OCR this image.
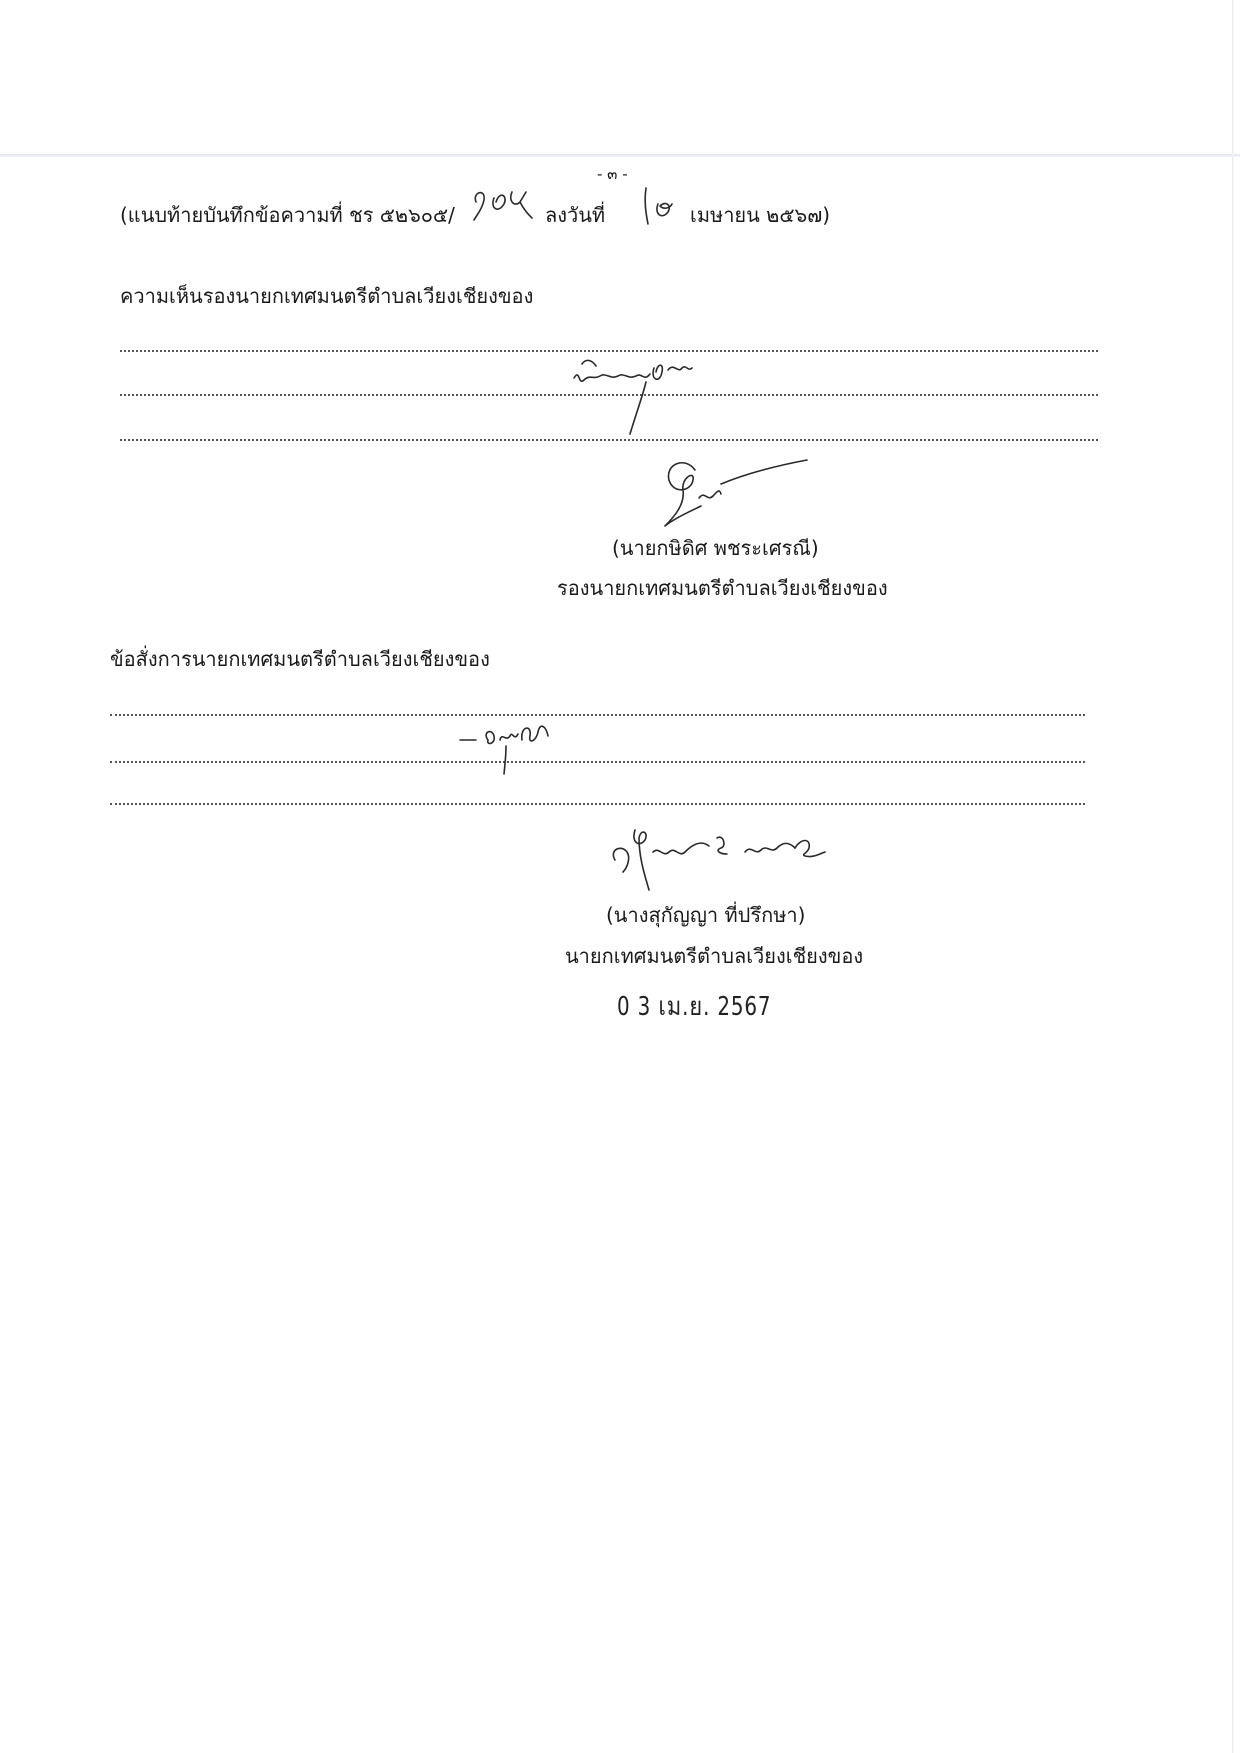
- ๓ -
(แนบท้ายบันทึกข้อความที่ ชร ๕๒๖๐๕/	ลงวันที่	เมษายน ๒๕๖๗)
ความเห็นรองนายกเทศมนตรีตำบลเวียงเชียงของ
(นายกษิดิศ พชระเศรณี)
รองนายกเทศมนตรีตำบลเวียงเชียงของ
ข้อสั่งการนายกเทศมนตรีตำบลเวียงเชียงของ
(นางสุกัญญา ที่ปรึกษา)
นายกเทศมนตรีตำบลเวียงเชียงของ
0 3 เม.ย. 2567
